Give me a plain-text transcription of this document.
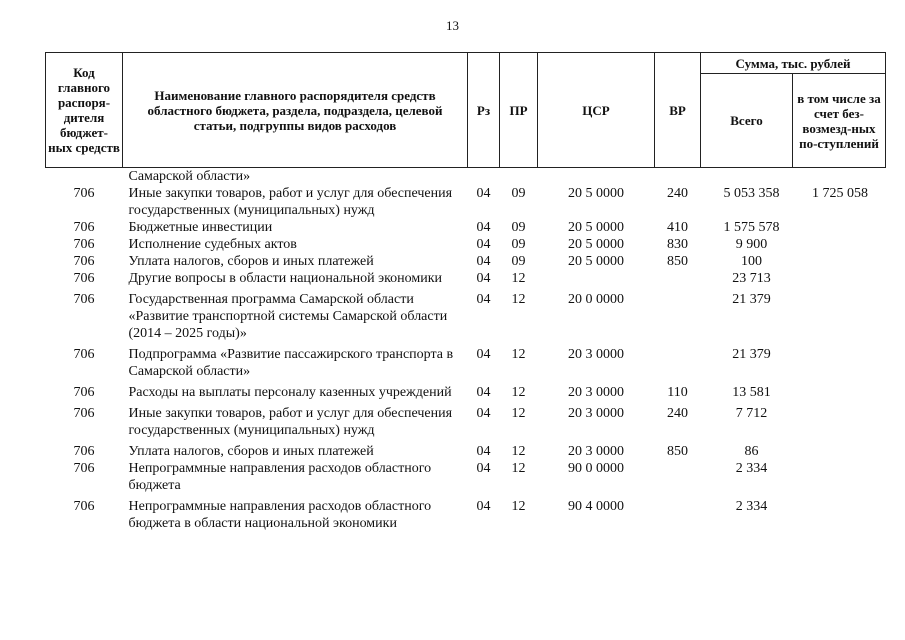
13
Код главного распоря-дителя бюджет-ных средств	Наименование главного распорядителя средств областного бюджета, раздела, подраздела, целевой статьи, подгруппы видов расходов	Рз	ПР	ЦСР	ВР	Сумма, тыс. рублей	
						Всего	в том числе за счет без-возмезд-ных по-ступлений
	Самарской области»						
706	Иные закупки товаров, работ и услуг для обеспечения государственных (муниципальных) нужд	04	09	20 5 0000	240	5 053 358	1 725 058
706	Бюджетные инвестиции	04	09	20 5 0000	410	1 575 578	
706	Исполнение судебных актов	04	09	20 5 0000	830	9 900	
706	Уплата налогов, сборов и иных платежей	04	09	20 5 0000	850	100	
706	Другие вопросы в области национальной экономики	04	12			23 713	
706	Государственная программа Самарской области «Развитие транспортной системы Самарской области (2014 – 2025 годы)»	04	12	20 0 0000		21 379	
706	Подпрограмма «Развитие пассажирского транспорта в Самарской области»	04	12	20 3 0000		21 379	
706	Расходы на выплаты персоналу казенных учреждений	04	12	20 3 0000	110	13 581	
706	Иные закупки товаров, работ и услуг для обеспечения государственных (муниципальных) нужд	04	12	20 3 0000	240	7 712	
706	Уплата налогов, сборов и иных платежей	04	12	20 3 0000	850	86	
706	Непрограммные направления расходов областного бюджета	04	12	90 0 0000		2 334	
706	Непрограммные направления расходов областного бюджета в области национальной экономики	04	12	90 4 0000		2 334	
